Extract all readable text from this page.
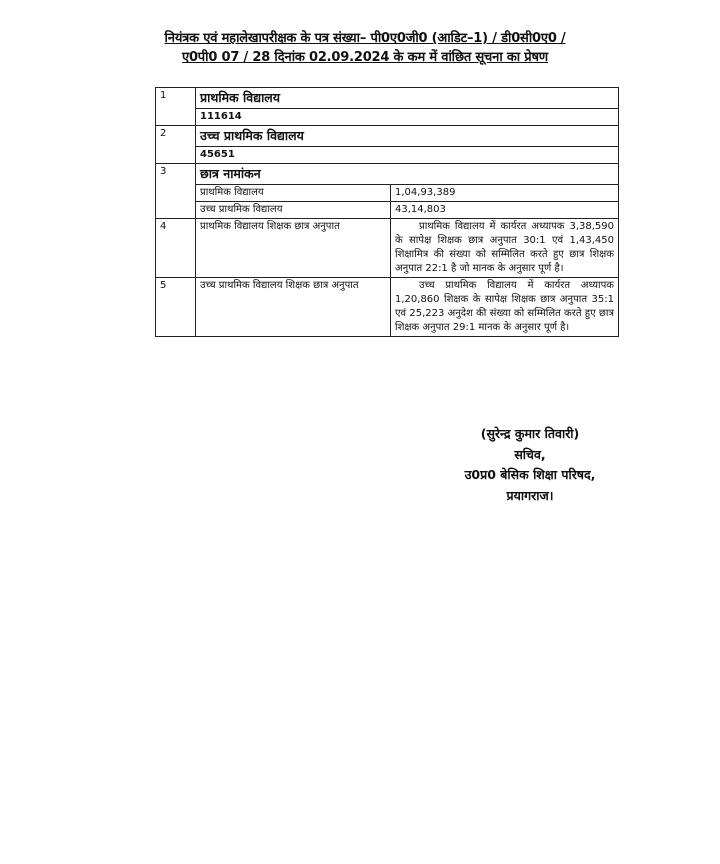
नियंत्रक एवं महालेखापरीक्षक के पत्र संख्या– पी0ए0जी0 (आडिट–1) / डी0सी0ए0 /
ए0पी0 07 / 28 दिनांक 02.09.2024 के कम में वांछित सूचना का प्रेषण
1	प्राथमिक विद्यालय	
	111614	
2	उच्च प्राथमिक विद्यालय	
	45651	
3	छात्र नामांकन	
	प्राथमिक विद्यालय	1,04,93,389
	उच्च प्राथमिक विद्यालय	43,14,803
4	प्राथमिक विद्यालय शिक्षक छात्र अनुपात	प्राथमिक विद्यालय में कार्यरत अध्यापक 3,38,590 के सापेक्ष शिक्षक छात्र अनुपात 30:1 एवं 1,43,450 शिक्षामित्र की संख्या को सम्मिलित करते हुए छात्र शिक्षक अनुपात 22:1 है जो मानक के अनुसार पूर्ण है।
5	उच्च प्राथमिक विद्यालय शिक्षक छात्र अनुपात	उच्च प्राथमिक विद्यालय में कार्यरत अध्यापक 1,20,860 शिक्षक के सापेक्ष शिक्षक छात्र अनुपात 35:1 एवं 25,223 अनुदेश की संख्या को सम्मिलित करते हुए छात्र शिक्षक अनुपात 29:1 मानक के अनुसार पूर्ण है।
(सुरेन्द्र कुमार तिवारी)
सचिव,
उ0प्र0 बेसिक शिक्षा परिषद,
प्रयागराज।
